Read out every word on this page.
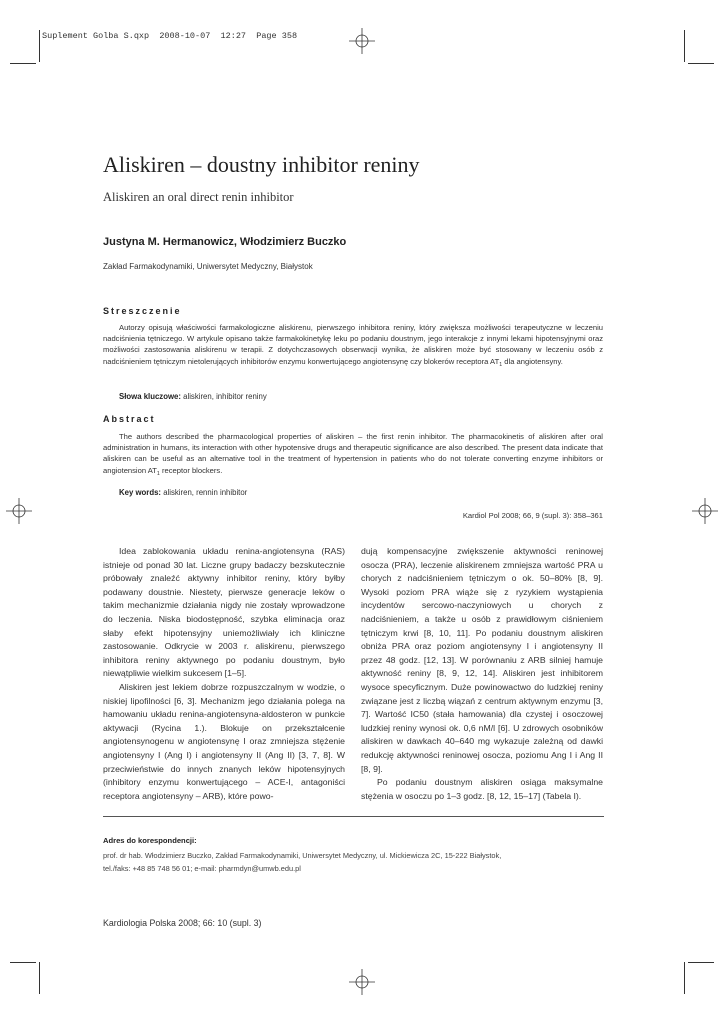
Suplement Golba S.qxp  2008-10-07  12:27  Page 358
Aliskiren – doustny inhibitor reniny
Aliskiren an oral direct renin inhibitor
Justyna M. Hermanowicz, Włodzimierz Buczko
Zakład Farmakodynamiki, Uniwersytet Medyczny, Białystok
Streszczenie
Autorzy opisują właściwości farmakologiczne aliskirenu, pierwszego inhibitora reniny, który zwiększa możliwości terapeutyczne w leczeniu nadciśnienia tętniczego. W artykule opisano także farmakokinetykę leku po podaniu doustnym, jego interakcje z innymi lekami hipotensyjnymi oraz możliwości zastosowania aliskirenu w terapii. Z dotychczasowych obserwacji wynika, że aliskiren może być stosowany w leczeniu osób z nadciśnieniem tętniczym nietolerujących inhibitorów enzymu konwertującego angiotensynę czy blokerów receptora $AT_1$ dla angiotensyny.
Słowa kluczowe: aliskiren, inhibitor reniny
Abstract
The authors described the pharmacological properties of aliskiren – the first renin inhibitor. The pharmacokinetis of aliskiren after oral administration in humans, its interaction with other hypotensive drugs and therapeutic significance are also described. The present data indicate that aliskiren can be useful as an alternative tool in the treatment of hypertension in patients who do not tolerate converting enzyme inhibitors or angiotension $AT_1$ receptor blockers.
Key words: aliskiren, rennin inhibitor
Kardiol Pol 2008; 66, 9 (supl. 3): 358–361

Idea zablokowania układu renina-angiotensyna (RAS) istnieje od ponad 30 lat. Liczne grupy badaczy bezskutecznie próbowały znaleźć aktywny inhibitor reniny, który byłby podawany doustnie. Niestety, pierwsze generacje leków o takim mechanizmie działania nigdy nie zostały wprowadzone do leczenia. Niska biodostępność, szybka eliminacja oraz słaby efekt hipotensyjny uniemożliwiały ich kliniczne zastosowanie. Odkrycie w 2003 r. aliskirenu, pierwszego inhibitora reniny aktywnego po podaniu doustnym, było niewątpliwie wielkim sukcesem [1–5].

Aliskiren jest lekiem dobrze rozpuszczalnym w wodzie, o niskiej lipofilności [6, 3]. Mechanizm jego działania polega na hamowaniu układu renina-angiotensyna-aldosteron w punkcie aktywacji (Rycina 1.). Blokuje on przekształcenie angiotensynogenu w angiotensynę I oraz zmniejsza stężenie angiotensyny I (Ang I) i angiotensyny II (Ang II) [3, 7, 8]. W przeciwieństwie do innych znanych leków hipotensyjnych (inhibitory enzymu konwertującego – ACE-I, antagoniści receptora angiotensyny – ARB), które powo-

dują kompensacyjne zwiększenie aktywności reninowej osocza (PRA), leczenie aliskirenem zmniejsza wartość PRA u chorych z nadciśnieniem tętniczym o ok. 50–80% [8, 9]. Wysoki poziom PRA wiąże się z ryzykiem wystąpienia incydentów sercowo-naczyniowych u chorych z nadciśnieniem, a także u osób z prawidłowym ciśnieniem tętniczym krwi [8, 10, 11]. Po podaniu doustnym aliskiren obniża PRA oraz poziom angiotensyny I i angiotensyny II przez 48 godz. [12, 13]. W porównaniu z ARB silniej hamuje aktywność reniny [8, 9, 12, 14]. Aliskiren jest inhibitorem wysoce specyficznym. Duże powinowactwo do ludzkiej reniny związane jest z liczbą wiązań z centrum aktywnym enzymu [3, 7]. Wartość IC50 (stała hamowania) dla czystej i osoczowej ludzkiej reniny wynosi ok. 0,6 nM/l [6]. U zdrowych osobników aliskiren w dawkach 40–640 mg wykazuje zależną od dawki redukcję aktywności reninowej osocza, poziomu Ang I i Ang II [8, 9].

Po podaniu doustnym aliskiren osiąga maksymalne stężenia w osoczu po 1–3 godz. [8, 12, 15–17] (Tabela I).

Adres do korespondencji:
prof. dr hab. Włodzimierz Buczko, Zakład Farmakodynamiki, Uniwersytet Medyczny, ul. Mickiewicza 2C, 15-222 Białystok,
tel./faks: +48 85 748 56 01; e-mail: pharmdyn@umwb.edu.pl
Kardiologia Polska 2008; 66: 10 (supl. 3)
